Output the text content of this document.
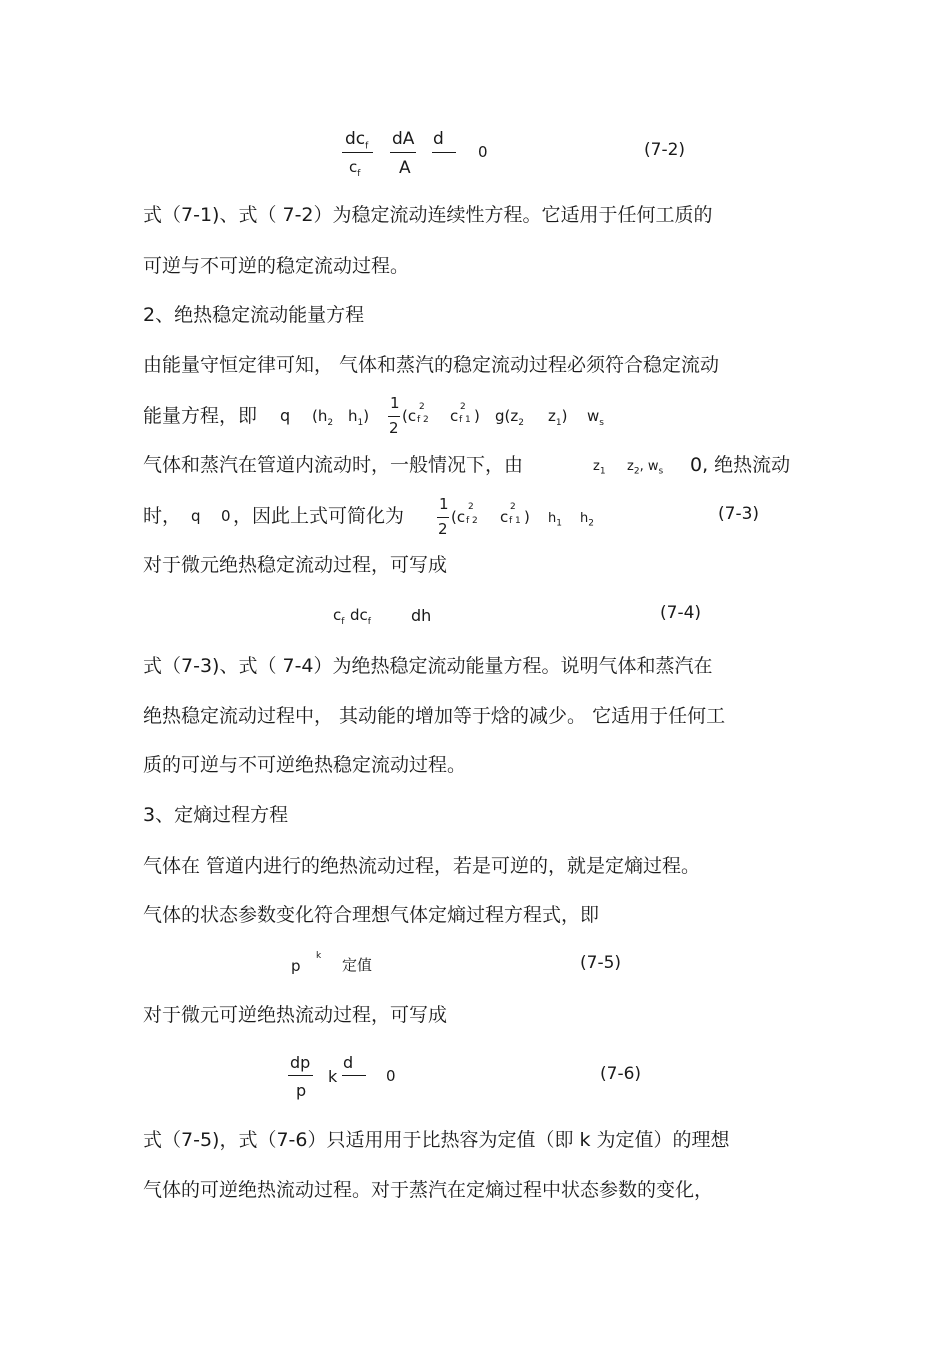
$dc_f$
$c_f$
dA
A
d
0	(7-2)
式（7-1)、式（ 7-2）为稳定流动连续性方程。它适用于任何工质的
可逆与不可逆的稳定流动过程。
2、绝热稳定流动能量方程
由能量守恒定律可知， 气体和蒸汽的稳定流动过程必须符合稳定流动
能量方程，即 q ($h_2$ $h_1$)
1
2
(c 2
f 2 c 2
f 1 ) $g(z_2$ $z_1$) $w_s$
气体和蒸汽在管道内流动时，一般情况下，由	$z_1$ $z_2$, $w_s$ 0, 绝热流动
时， q 0 ，因此上式可简化为
1
2
(c
2
f 2 c
2
f 1 ) $h_1$ $h_2$	(7-3)
对于微元绝热稳定流动过程，可写成
$c_f$ $dc_f$	dh	(7-4)
式（7-3)、式（ 7-4）为绝热稳定流动能量方程。说明气体和蒸汽在
绝热稳定流动过程中， 其动能的增加等于焓的减少。 它适用于任何工
质的可逆与不可逆绝热稳定流动过程。
3、定熵过程方程
气体在 管道内进行的绝热流动过程，若是可逆的，就是定熵过程。
气体的状态参数变化符合理想气体定熵过程方程式，即
p
k 定值	(7-5)
对于微元可逆绝热流动过程，可写成
dp
p
k
d
0	(7-6)
式（7-5)，式（7-6）只适用用于比热容为定值（即 k 为定值）的理想
气体的可逆绝热流动过程。对于蒸汽在定熵过程中状态参数的变化，
